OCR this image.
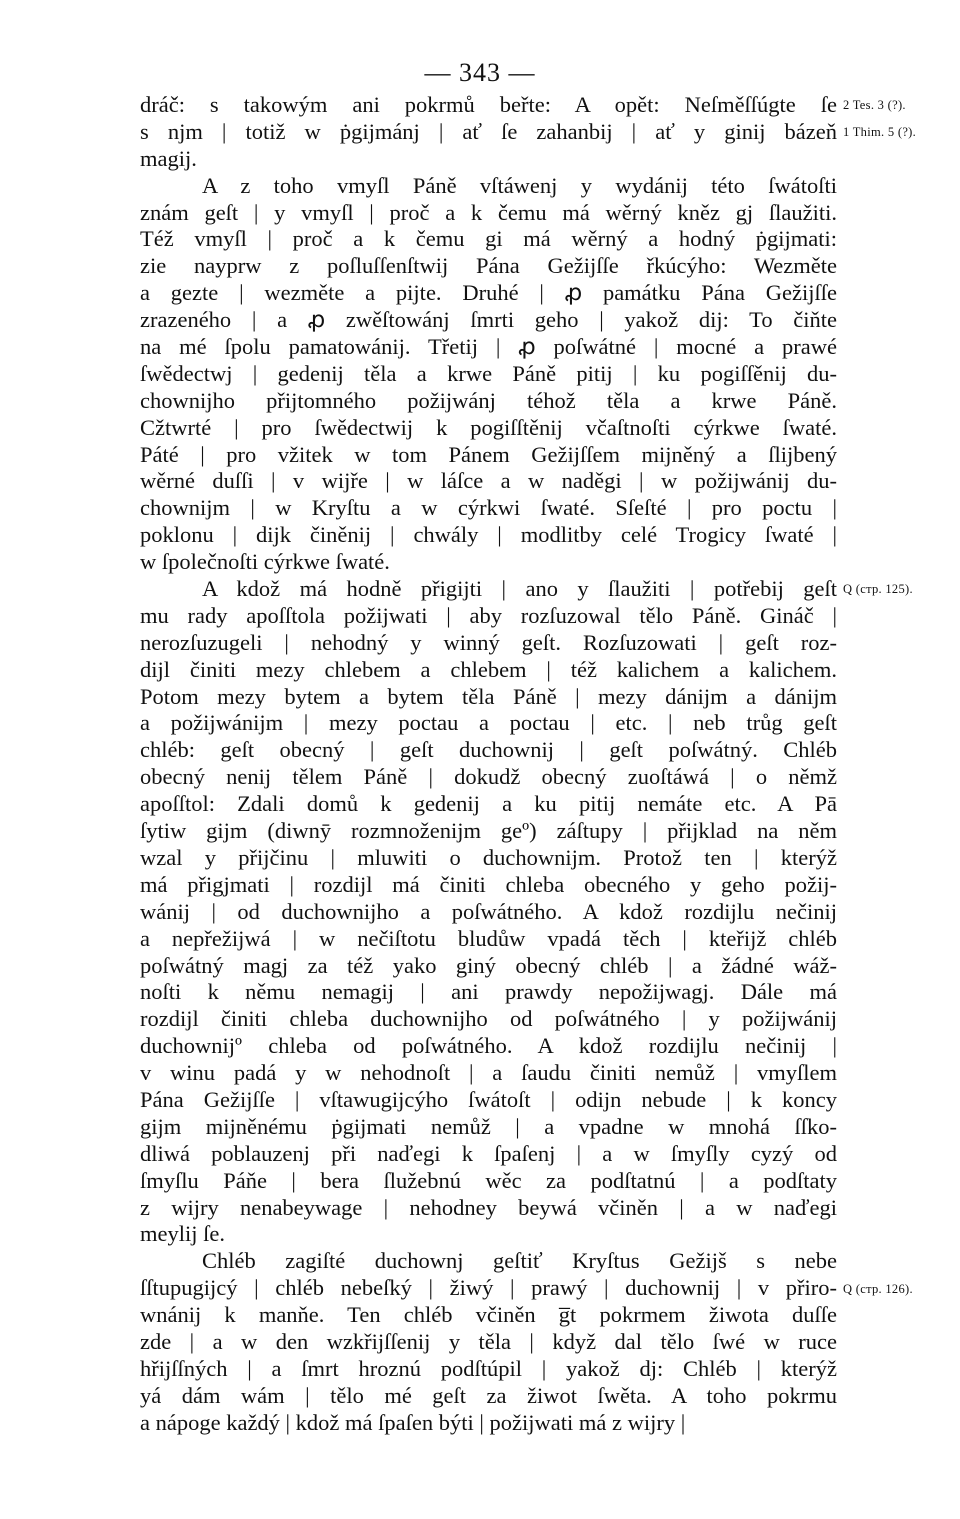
— 343 —
dráč: s takowým ani pokrmů beřte: A opět: Neſměſſúgte ſe
s njm | totiž w ṗgijmánj | ať ſe zahanbij | ať y ginij bázeň
magij.
A z toho vmyſl Páně vſtáwenj y wydánij této ſwátoſti
znám geſt | y vmyſl | proč a k čemu má wěrný kněz gj ſlaužiti.
Též vmyſl | proč a k čemu gi má wěrný a hodný ṗgijmati:
zie nayprw z poſluſſenſtwij Pána Gežijſſe řkúcýho: Wezměte
a gezte | wezměte a pijte. Druhé | ꝓ památku Pána Gežijſſe
zrazeného | a ꝓ zwěſtowánj ſmrti geho | yakož dij: To čiňte
na mé ſpolu pamatowánij. Třetij | ꝓ poſwátné | mocné a prawé
ſwědectwj | gedenij těla a krwe Páně pitij | ku pogiſſěnij du-
chownijho přijtomného požijwánj téhož těla a krwe Páně.
Cžtwrté | pro ſwědectwij k pogiſſtěnij včaſtnoſti cýrkwe ſwaté.
Páté | pro vžitek w tom Pánem Gežijſſem mijněný a ſlijbený
wěrné duſſi | v wijře | w láſce a w naděgi | w požijwánij du-
chownijm | w Kryſtu a w cýrkwi ſwaté. Sſeſté | pro poctu |
poklonu | dijk činěnij | chwály | modlitby celé Trogicy ſwaté |
w ſpolečnoſti cýrkwe ſwaté.
A kdož má hodně přigijti | ano y ſlaužiti | potřebij geſt
mu rady apoſſtola požijwati | aby rozſuzowal tělo Páně. Gináč |
nerozſuzugeli | nehodný y winný geſt. Rozſuzowati | geſt roz-
dijl činiti mezy chlebem a chlebem | též kalichem a kalichem.
Potom mezy bytem a bytem těla Páně | mezy dánijm a dánijm
a požijwánijm | mezy poctau a poctau | etc. | neb trůg geſt
chléb: geſt obecný | geſt duchownij | geſt poſwátný. Chléb
obecný nenij tělem Páně | dokudž obecný zuoſtáwá | o němž
apoſſtol: Zdali domů k gedenij a ku pitij nemáte etc. A Pā
ſytiw gijm (diwnȳ rozmnoženijm geº) záſtupy | přijklad na něm
wzal y přijčinu | mluwiti o duchownijm. Protož ten | kterýž
má přigjmati | rozdijl má činiti chleba obecného y geho požij-
wánij | od duchownijho a poſwátného. A kdož rozdijlu nečinij
a nepřežijwá | w nečiſtotu bludůw vpadá těch | kteřijž chléb
poſwátný magj za též yako giný obecný chléb | a žádné wáž-
noſti k němu nemagij | ani prawdy nepožijwagj. Dále má
rozdijl činiti chleba duchownijho od poſwátného | y požijwánij
duchownijº chleba od poſwátného. A kdož rozdijlu nečinij |
v winu padá y w nehodnoſt | a ſaudu činiti nemůž | vmyſlem
Pána Gežijſſe | vſtawugijcýho ſwátoſt | odijn nebude | k koncy
gijm mijněnému ṗgijmati nemůž | a vpadne w mnohá ſſko-
dliwá poblauzenj při naďegi k ſpaſenj | a w ſmyſly cyzý od
ſmyſlu Páňe | bera ſlužebnú wěc za podſtatnú | a podſtaty
z wijry nenabeywage | nehodney beywá včiněn | a w naďegi
meylij ſe.
Chléb zagiſté duchownj geſtiť Kryſtus Gežijš s nebe
ſſtupugijcý | chléb nebeſký | žiwý | prawý | duchownij | v přiro-
wnánij k manňe. Ten chléb včiněn g̅t pokrmem žiwota duſſe
zde | a w den wzkřijſſenij y těla | když dal tělo ſwé w ruce
hřijſſných | a ſmrt hroznú podſtúpil | yakož dj: Chléb | kterýž
yá dám wám | tělo mé geſt za žiwot ſwěta. A toho pokrmu
a nápoge každý | kdož má ſpaſen býti | požijwati má z wijry |
2 Tes. 3 (?).
1 Thim. 5 (?).
Q (стр. 125).
Q (стр. 126).
